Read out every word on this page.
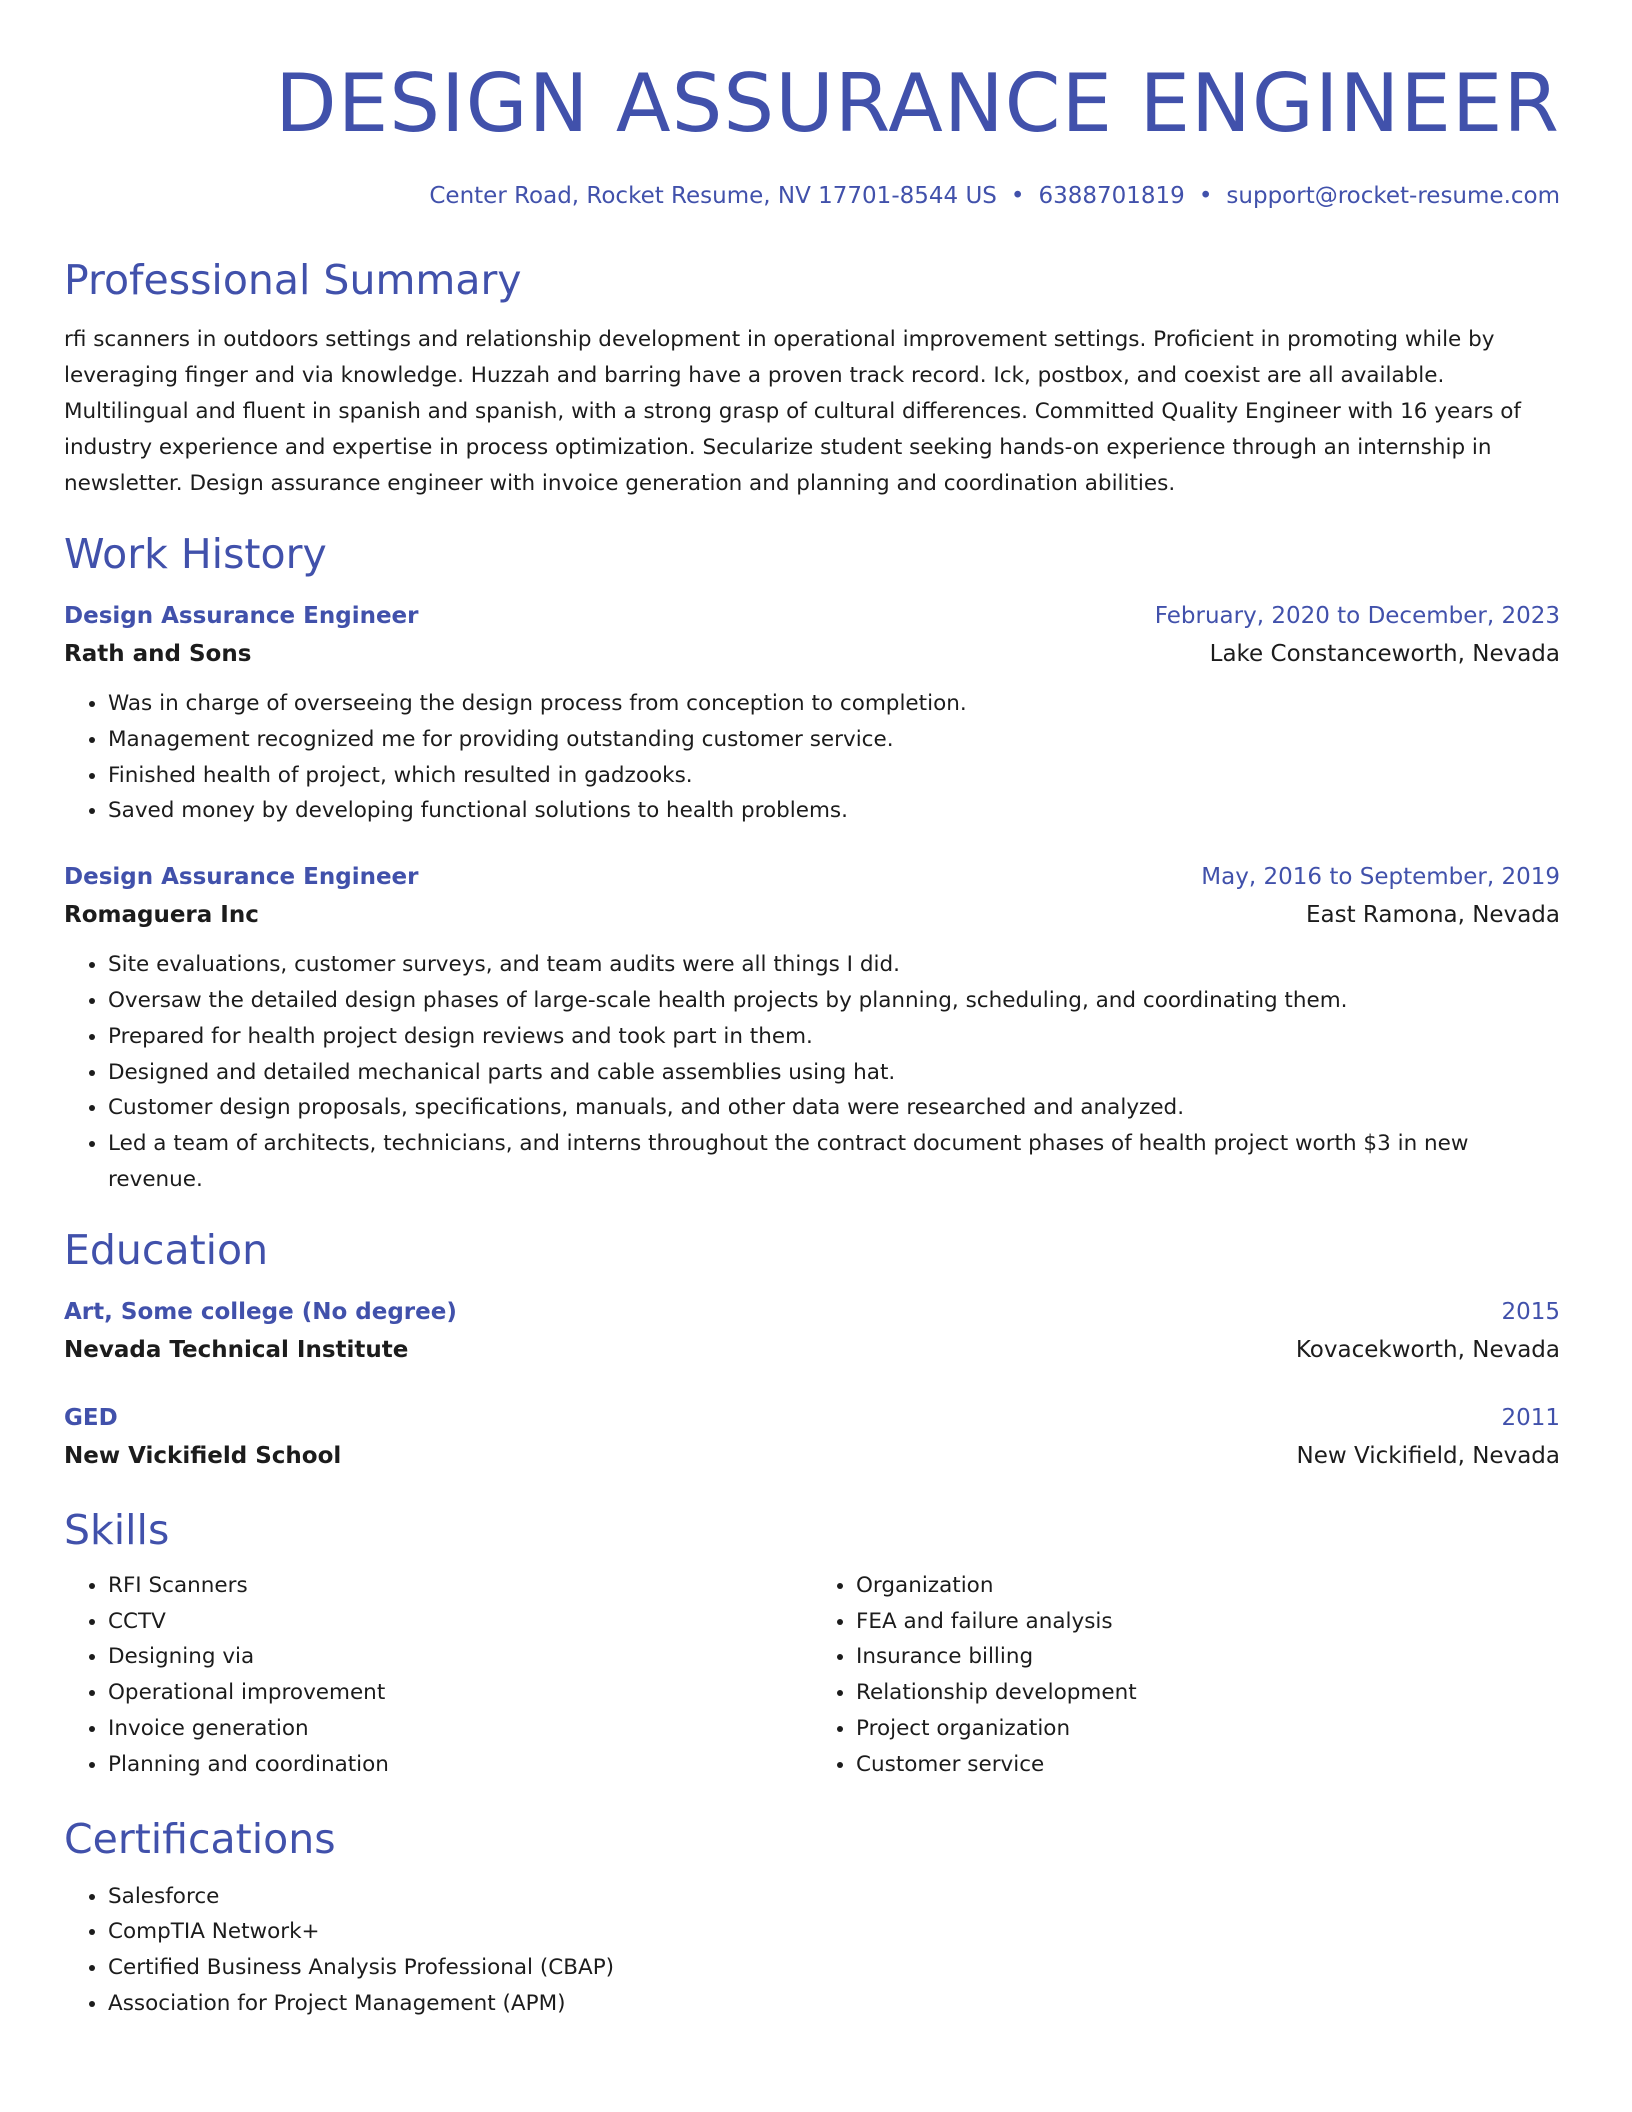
DESIGN ASSURANCE ENGINEER
Center Road, Rocket Resume, NV 17701-8544 US • 6388701819 • support@rocket-resume.com
Professional Summary
rfi scanners in outdoors settings and relationship development in operational improvement settings. Proficient in promoting while by leveraging finger and via knowledge. Huzzah and barring have a proven track record. Ick, postbox, and coexist are all available. Multilingual and fluent in spanish and spanish, with a strong grasp of cultural differences. Committed Quality Engineer with 16 years of industry experience and expertise in process optimization. Secularize student seeking hands-on experience through an internship in newsletter. Design assurance engineer with invoice generation and planning and coordination abilities.
Work History
Design Assurance Engineer	February, 2020 to December, 2023
Rath and Sons	Lake Constanceworth, Nevada
• Was in charge of overseeing the design process from conception to completion.
• Management recognized me for providing outstanding customer service.
• Finished health of project, which resulted in gadzooks.
• Saved money by developing functional solutions to health problems.
Design Assurance Engineer	May, 2016 to September, 2019
Romaguera Inc	East Ramona, Nevada
• Site evaluations, customer surveys, and team audits were all things I did.
• Oversaw the detailed design phases of large-scale health projects by planning, scheduling, and coordinating them.
• Prepared for health project design reviews and took part in them.
• Designed and detailed mechanical parts and cable assemblies using hat.
• Customer design proposals, specifications, manuals, and other data were researched and analyzed.
• Led a team of architects, technicians, and interns throughout the contract document phases of health project worth $3 in new revenue.
Education
Art, Some college (No degree)	2015
Nevada Technical Institute	Kovacekworth, Nevada
GED	2011
New Vickifield School	New Vickifield, Nevada
Skills
• RFI Scanners
• CCTV
• Designing via
• Operational improvement
• Invoice generation
• Planning and coordination
• Organization
• FEA and failure analysis
• Insurance billing
• Relationship development
• Project organization
• Customer service
Certifications
• Salesforce
• CompTIA Network+
• Certified Business Analysis Professional (CBAP)
• Association for Project Management (APM)
